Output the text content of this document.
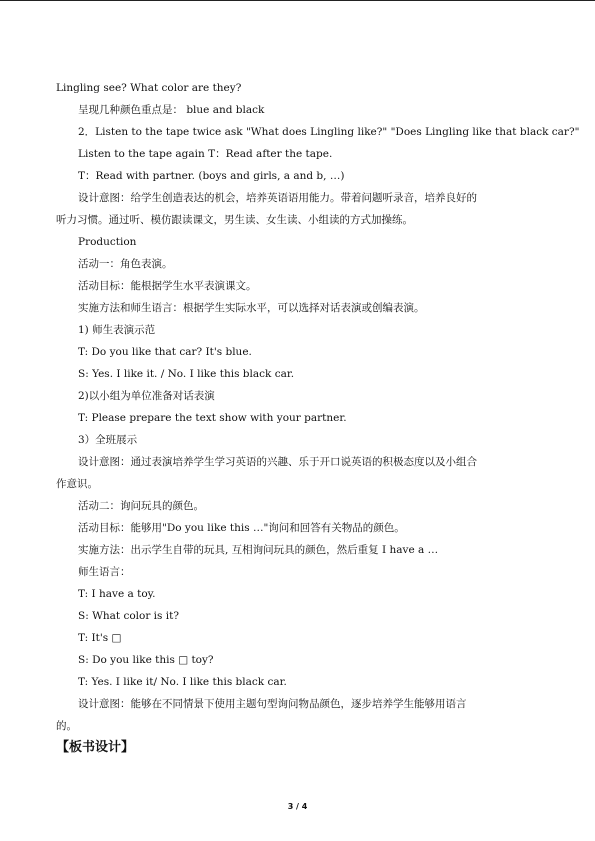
Lingling see? What color are they?
呈现几种颜色重点是： blue and black
2．Listen to the tape twice ask "What does Lingling like?" "Does Lingling like that black car?"
Listen to the tape again T：Read after the tape.
T：Read with partner. (boys and girls, a and b, …)
设计意图：给学生创造表达的机会，培养英语语用能力。带着问题听录音，培养良好的
听力习惯。通过听、模仿跟读课文，男生读、女生读、小组读的方式加操练。
Production
活动一：角色表演。
活动目标：能根据学生水平表演课文。
实施方法和师生语言：根据学生实际水平，可以选择对话表演或创编表演。
1) 师生表演示范
T: Do you like that car? It's blue.
S: Yes. I like it. / No. I like this black car.
2)以小组为单位准备对话表演
T: Please prepare the text show with your partner.
3）全班展示
设计意图：通过表演培养学生学习英语的兴趣、乐于开口说英语的积极态度以及小组合
作意识。
活动二：询问玩具的颜色。
活动目标：能够用"Do you like this …"询问和回答有关物品的颜色。
实施方法：出示学生自带的玩具, 互相询问玩具的颜色，然后重复 I have a …
师生语言：
T: I have a toy.
S: What color is it?
T: It's □
S: Do you like this □ toy?
T: Yes. I like it/ No. I like this black car.
设计意图：能够在不同情景下使用主题句型询问物品颜色，逐步培养学生能够用语言
的。
【板书设计】
3 / 4
